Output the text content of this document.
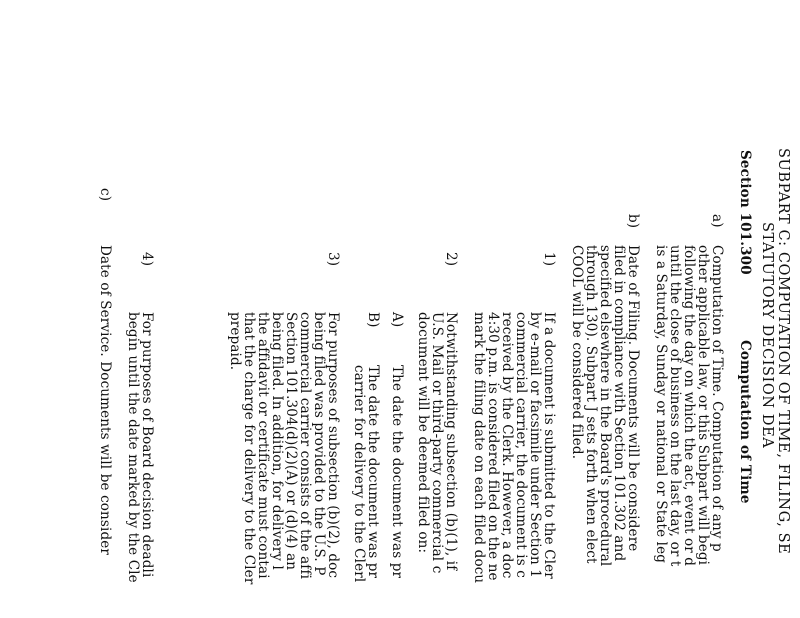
SUBPART C: COMPUTATION OF TIME, FILING, SE
STATUTORY DECISION DEA
Section 101.300
Computation of Time
a)
Computation of Time. Computation of any p
other applicable law, or this Subpart will begi
following the day on which the act, event or d
until the close of business on the last day, or t
is a Saturday, Sunday or national or State leg
b)
Date of Filing. Documents will be considere
filed in compliance with Section 101.302 and
specified elsewhere in the Board's procedural
through 130). Subpart J sets forth when elect
COOL will be considered filed.
1)
If a document is submitted to the Cler
by e-mail or facsimile under Section 1
commercial carrier, the document is c
received by the Clerk. However, a doc
4:30 p.m. is considered filed on the ne
mark the filing date on each filed docu
2)
Notwithstanding subsection (b)(1), if
U.S. Mail or third-party commercial c
document will be deemed filed on:
A)
The date the document was pr
B)
The date the document was pr
carrier for delivery to the Clerl
3)
For purposes of subsection (b)(2), doc
being filed was provided to the U.S. P
commercial carrier consists of the affi
Section 101.304(d)(2)(A) or (d)(4) an
being filed. In addition, for delivery l
the affidavit or certificate must contai
that the charge for delivery to the Cler
prepaid.
4)
For purposes of Board decision deadli
begin until the date marked by the Cle
c)
Date of Service. Documents will be consider
